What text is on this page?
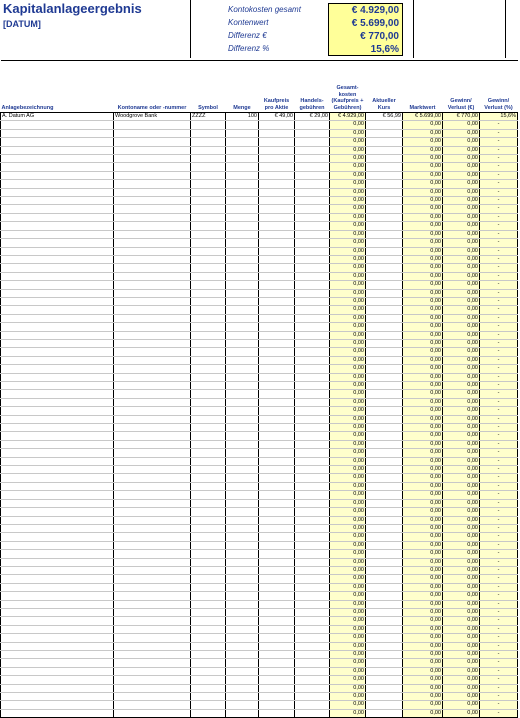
Kapitalanlageergebnis
[DATUM]
Kontokosten gesamt	€ 4.929,00
Kontenwert	€ 5.699,00
Differenz €	€ 770,00
Differenz %	15,6%
Anlagebezeichnung	Kontoname oder -nummer	Symbol	Menge	Kaufpreis pro Aktie	Handels-gebühren	Gesamt-kosten (Kaufpreis + Gebühren)	Aktueller Kurs	Marktwert	Gewinn/ Verlust (€)	Gewinn/ Verlust (%)
A. Datum AG	Woodgrove Bank	ZZZZ	100	€ 49,00	€ 29,00	€ 4.929,00	€ 56,99	€ 5.699,00	€ 770,00	15,6%
						0,00		0,00	0,00	-
						0,00		0,00	0,00	-
						0,00		0,00	0,00	-
						0,00		0,00	0,00	-
						0,00		0,00	0,00	-
						0,00		0,00	0,00	-
						0,00		0,00	0,00	-
						0,00		0,00	0,00	-
						0,00		0,00	0,00	-
						0,00		0,00	0,00	-
						0,00		0,00	0,00	-
						0,00		0,00	0,00	-
						0,00		0,00	0,00	-
						0,00		0,00	0,00	-
						0,00		0,00	0,00	-
						0,00		0,00	0,00	-
						0,00		0,00	0,00	-
						0,00		0,00	0,00	-
						0,00		0,00	0,00	-
						0,00		0,00	0,00	-
						0,00		0,00	0,00	-
						0,00		0,00	0,00	-
						0,00		0,00	0,00	-
						0,00		0,00	0,00	-
						0,00		0,00	0,00	-
						0,00		0,00	0,00	-
						0,00		0,00	0,00	-
						0,00		0,00	0,00	-
						0,00		0,00	0,00	-
						0,00		0,00	0,00	-
						0,00		0,00	0,00	-
						0,00		0,00	0,00	-
						0,00		0,00	0,00	-
						0,00		0,00	0,00	-
						0,00		0,00	0,00	-
						0,00		0,00	0,00	-
						0,00		0,00	0,00	-
						0,00		0,00	0,00	-
						0,00		0,00	0,00	-
						0,00		0,00	0,00	-
						0,00		0,00	0,00	-
						0,00		0,00	0,00	-
						0,00		0,00	0,00	-
						0,00		0,00	0,00	-
						0,00		0,00	0,00	-
						0,00		0,00	0,00	-
						0,00		0,00	0,00	-
						0,00		0,00	0,00	-
						0,00		0,00	0,00	-
						0,00		0,00	0,00	-
						0,00		0,00	0,00	-
						0,00		0,00	0,00	-
						0,00		0,00	0,00	-
						0,00		0,00	0,00	-
						0,00		0,00	0,00	-
						0,00		0,00	0,00	-
						0,00		0,00	0,00	-
						0,00		0,00	0,00	-
						0,00		0,00	0,00	-
						0,00		0,00	0,00	-
						0,00		0,00	0,00	-
						0,00		0,00	0,00	-
						0,00		0,00	0,00	-
						0,00		0,00	0,00	-
						0,00		0,00	0,00	-
						0,00		0,00	0,00	-
						0,00		0,00	0,00	-
						0,00		0,00	0,00	-
						0,00		0,00	0,00	-
						0,00		0,00	0,00	-
						0,00		0,00	0,00	-
